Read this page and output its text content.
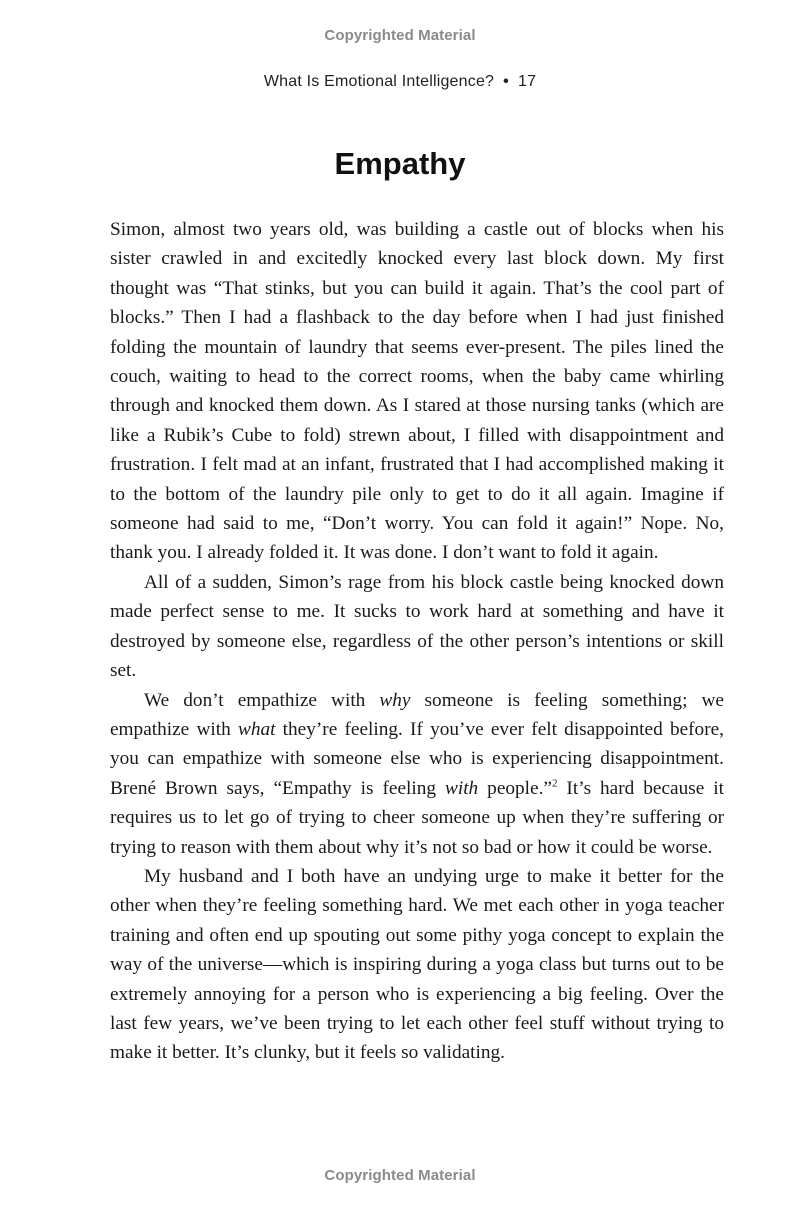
Copyrighted Material
What Is Emotional Intelligence? • 17
Empathy

Simon, almost two years old, was building a castle out of blocks when his sister crawled in and excitedly knocked every last block down. My first thought was “That stinks, but you can build it again. That’s the cool part of blocks.” Then I had a flashback to the day before when I had just finished folding the mountain of laundry that seems ever-present. The piles lined the couch, waiting to head to the correct rooms, when the baby came whirling through and knocked them down. As I stared at those nursing tanks (which are like a Rubik’s Cube to fold) strewn about, I filled with disappointment and frustration. I felt mad at an infant, frustrated that I had accomplished making it to the bottom of the laundry pile only to get to do it all again. Imagine if someone had said to me, “Don’t worry. You can fold it again!” Nope. No, thank you. I already folded it. It was done. I don’t want to fold it again.

All of a sudden, Simon’s rage from his block castle being knocked down made perfect sense to me. It sucks to work hard at something and have it destroyed by someone else, regardless of the other person’s intentions or skill set.

We don’t empathize with why someone is feeling something; we empathize with what they’re feeling. If you’ve ever felt disappointed before, you can empathize with someone else who is experiencing disappointment. Brené Brown says, “Empathy is feeling with people.”$^2$ It’s hard because it requires us to let go of trying to cheer someone up when they’re suffering or trying to reason with them about why it’s not so bad or how it could be worse.

My husband and I both have an undying urge to make it better for the other when they’re feeling something hard. We met each other in yoga teacher training and often end up spouting out some pithy yoga concept to explain the way of the universe—which is inspiring during a yoga class but turns out to be extremely annoying for a person who is experiencing a big feeling. Over the last few years, we’ve been trying to let each other feel stuff without trying to make it better. It’s clunky, but it feels so validating.

Copyrighted Material
